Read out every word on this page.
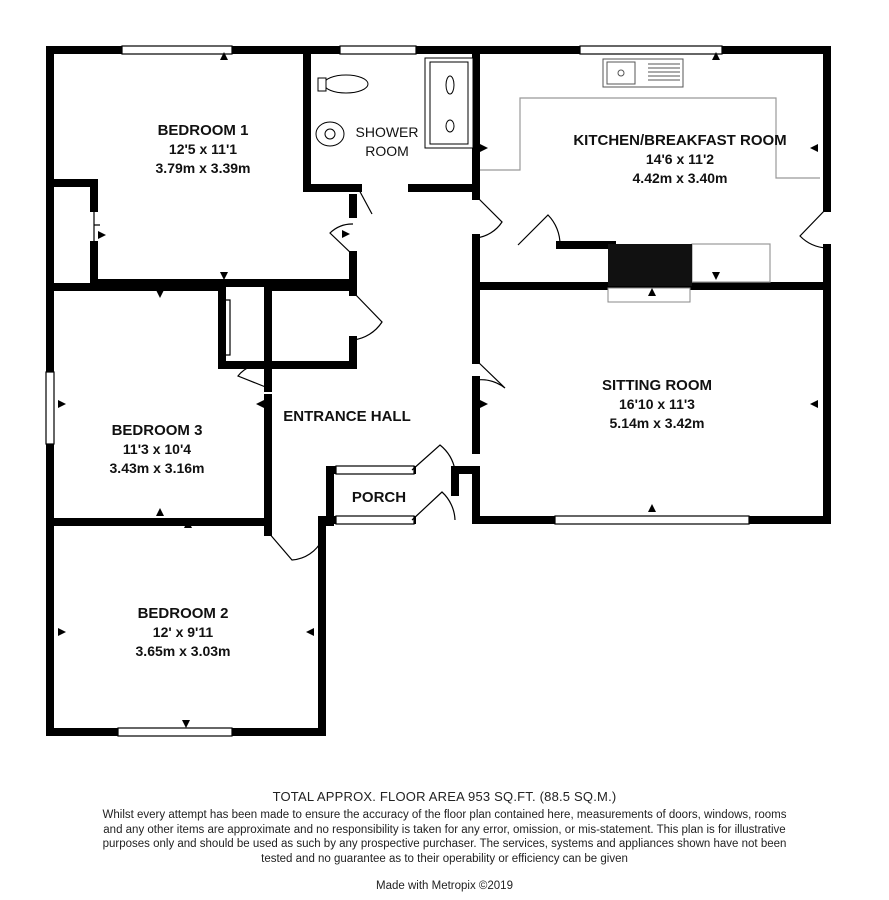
BEDROOM 1
12'5 x 11'1
3.79m x 3.39m
SHOWER
ROOM
KITCHEN/BREAKFAST ROOM
14'6 x 11'2
4.42m x 3.40m
BEDROOM 3
11'3 x 10'4
3.43m x 3.16m
ENTRANCE HALL
SITTING ROOM
16'10 x 11'3
5.14m x 3.42m
PORCH
BEDROOM 2
12' x 9'11
3.65m x 3.03m
TOTAL APPROX. FLOOR AREA 953 SQ.FT. (88.5 SQ.M.)
Whilst every attempt has been made to ensure the accuracy of the floor plan contained here, measurements of doors, windows, rooms and any other items are approximate and no responsibility is taken for any error, omission, or mis-statement. This plan is for illustrative purposes only and should be used as such by any prospective purchaser. The services, systems and appliances shown have not been tested and no guarantee as to their operability or efficiency can be given
Made with Metropix ©2019
